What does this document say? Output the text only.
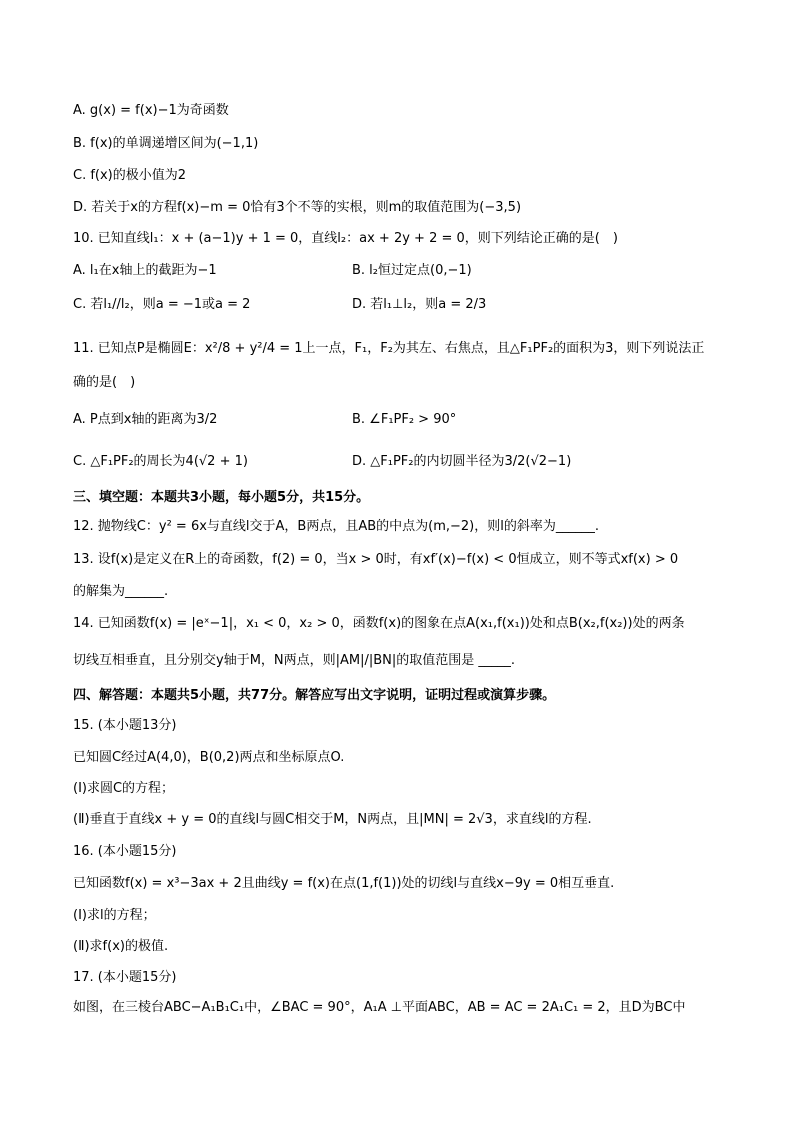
A. g(x) = f(x)−1为奇函数
B. f(x)的单调递增区间为(−1,1)
C. f(x)的极小值为2
D. 若关于x的方程f(x)−m = 0恰有3个不等的实根，则m的取值范围为(−3,5)
10. 已知直线l₁：x + (a−1)y + 1 = 0，直线l₂：ax + 2y + 2 = 0，则下列结论正确的是(　)
A. l₁在x轴上的截距为−1	B. l₂恒过定点(0,−1)
C. 若l₁//l₂，则a = −1或a = 2	D. 若l₁⊥l₂，则a = 2/3
11. 已知点P是椭圆E：x²/8 + y²/4 = 1上一点，F₁，F₂为其左、右焦点，且△F₁PF₂的面积为3，则下列说法正
确的是(　)
A. P点到x轴的距离为3/2	B. ∠F₁PF₂ > 90°
C. △F₁PF₂的周长为4(√2 + 1)	D. △F₁PF₂的内切圆半径为3/2(√2−1)
三、填空题：本题共3小题，每小题5分，共15分。
12. 抛物线C：y² = 6x与直线l交于A，B两点，且AB的中点为(m,−2)，则l的斜率为______.
13. 设f(x)是定义在R上的奇函数，f(2) = 0，当x > 0时，有xf′(x)−f(x) < 0恒成立，则不等式xf(x) > 0
的解集为______.
14. 已知函数f(x) = |eˣ−1|，x₁ < 0，x₂ > 0，函数f(x)的图象在点A(x₁,f(x₁))处和点B(x₂,f(x₂))处的两条
切线互相垂直，且分别交y轴于M，N两点，则|AM|/|BN|的取值范围是 _____.
四、解答题：本题共5小题，共77分。解答应写出文字说明，证明过程或演算步骤。
15. (本小题13分)
已知圆C经过A(4,0)，B(0,2)两点和坐标原点O.
(Ⅰ)求圆C的方程；
(Ⅱ)垂直于直线x + y = 0的直线l与圆C相交于M，N两点，且|MN| = 2√3，求直线l的方程.
16. (本小题15分)
已知函数f(x) = x³−3ax + 2且曲线y = f(x)在点(1,f(1))处的切线l与直线x−9y = 0相互垂直.
(Ⅰ)求l的方程；
(Ⅱ)求f(x)的极值.
17. (本小题15分)
如图，在三棱台ABC−A₁B₁C₁中，∠BAC = 90°，A₁A ⊥平面ABC，AB = AC = 2A₁C₁ = 2，且D为BC中
